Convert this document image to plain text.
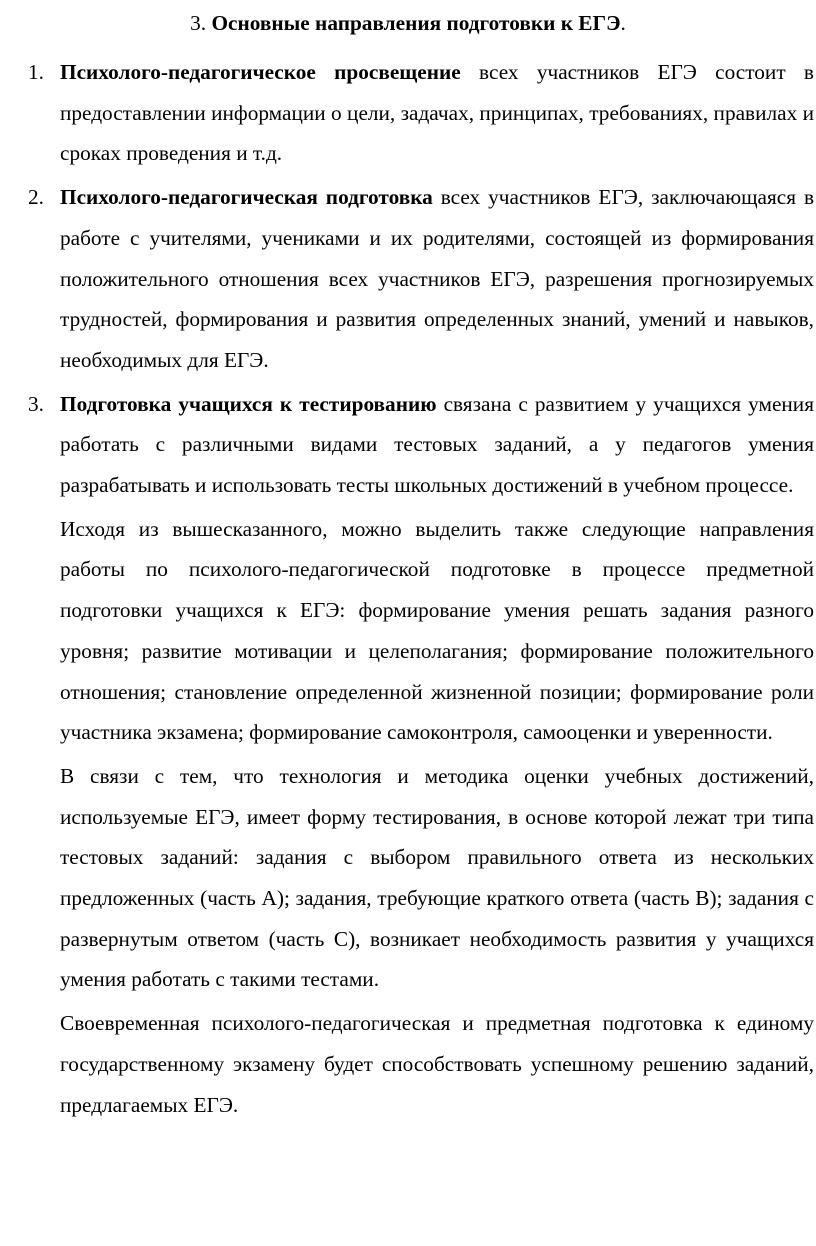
3. Основные направления подготовки к ЕГЭ.
1. Психолого-педагогическое просвещение всех участников ЕГЭ состоит в предоставлении информации о цели, задачах, принципах, требованиях, правилах и сроках проведения и т.д.
2. Психолого-педагогическая подготовка всех участников ЕГЭ, заключающаяся в работе с учителями, учениками и их родителями, состоящей из формирования положительного отношения всех участников ЕГЭ, разрешения прогнозируемых трудностей, формирования и развития определенных знаний, умений и навыков, необходимых для ЕГЭ.
3. Подготовка учащихся к тестированию связана с развитием у учащихся умения работать с различными видами тестовых заданий, а у педагогов умения разрабатывать и использовать тесты школьных достижений в учебном процессе.
Исходя из вышесказанного, можно выделить также следующие направления работы по психолого-педагогической подготовке в процессе предметной подготовки учащихся к ЕГЭ: формирование умения решать задания разного уровня; развитие мотивации и целеполагания; формирование положительного отношения; становление определенной жизненной позиции; формирование роли участника экзамена; формирование самоконтроля, самооценки и уверенности.
В связи с тем, что технология и методика оценки учебных достижений, используемые ЕГЭ, имеет форму тестирования, в основе которой лежат три типа тестовых заданий: задания с выбором правильного ответа из нескольких предложенных (часть А); задания, требующие краткого ответа (часть В); задания с развернутым ответом (часть С), возникает необходимость развития у учащихся умения работать с такими тестами.
Своевременная психолого-педагогическая и предметная подготовка к единому государственному экзамену будет способствовать успешному решению заданий, предлагаемых ЕГЭ.
